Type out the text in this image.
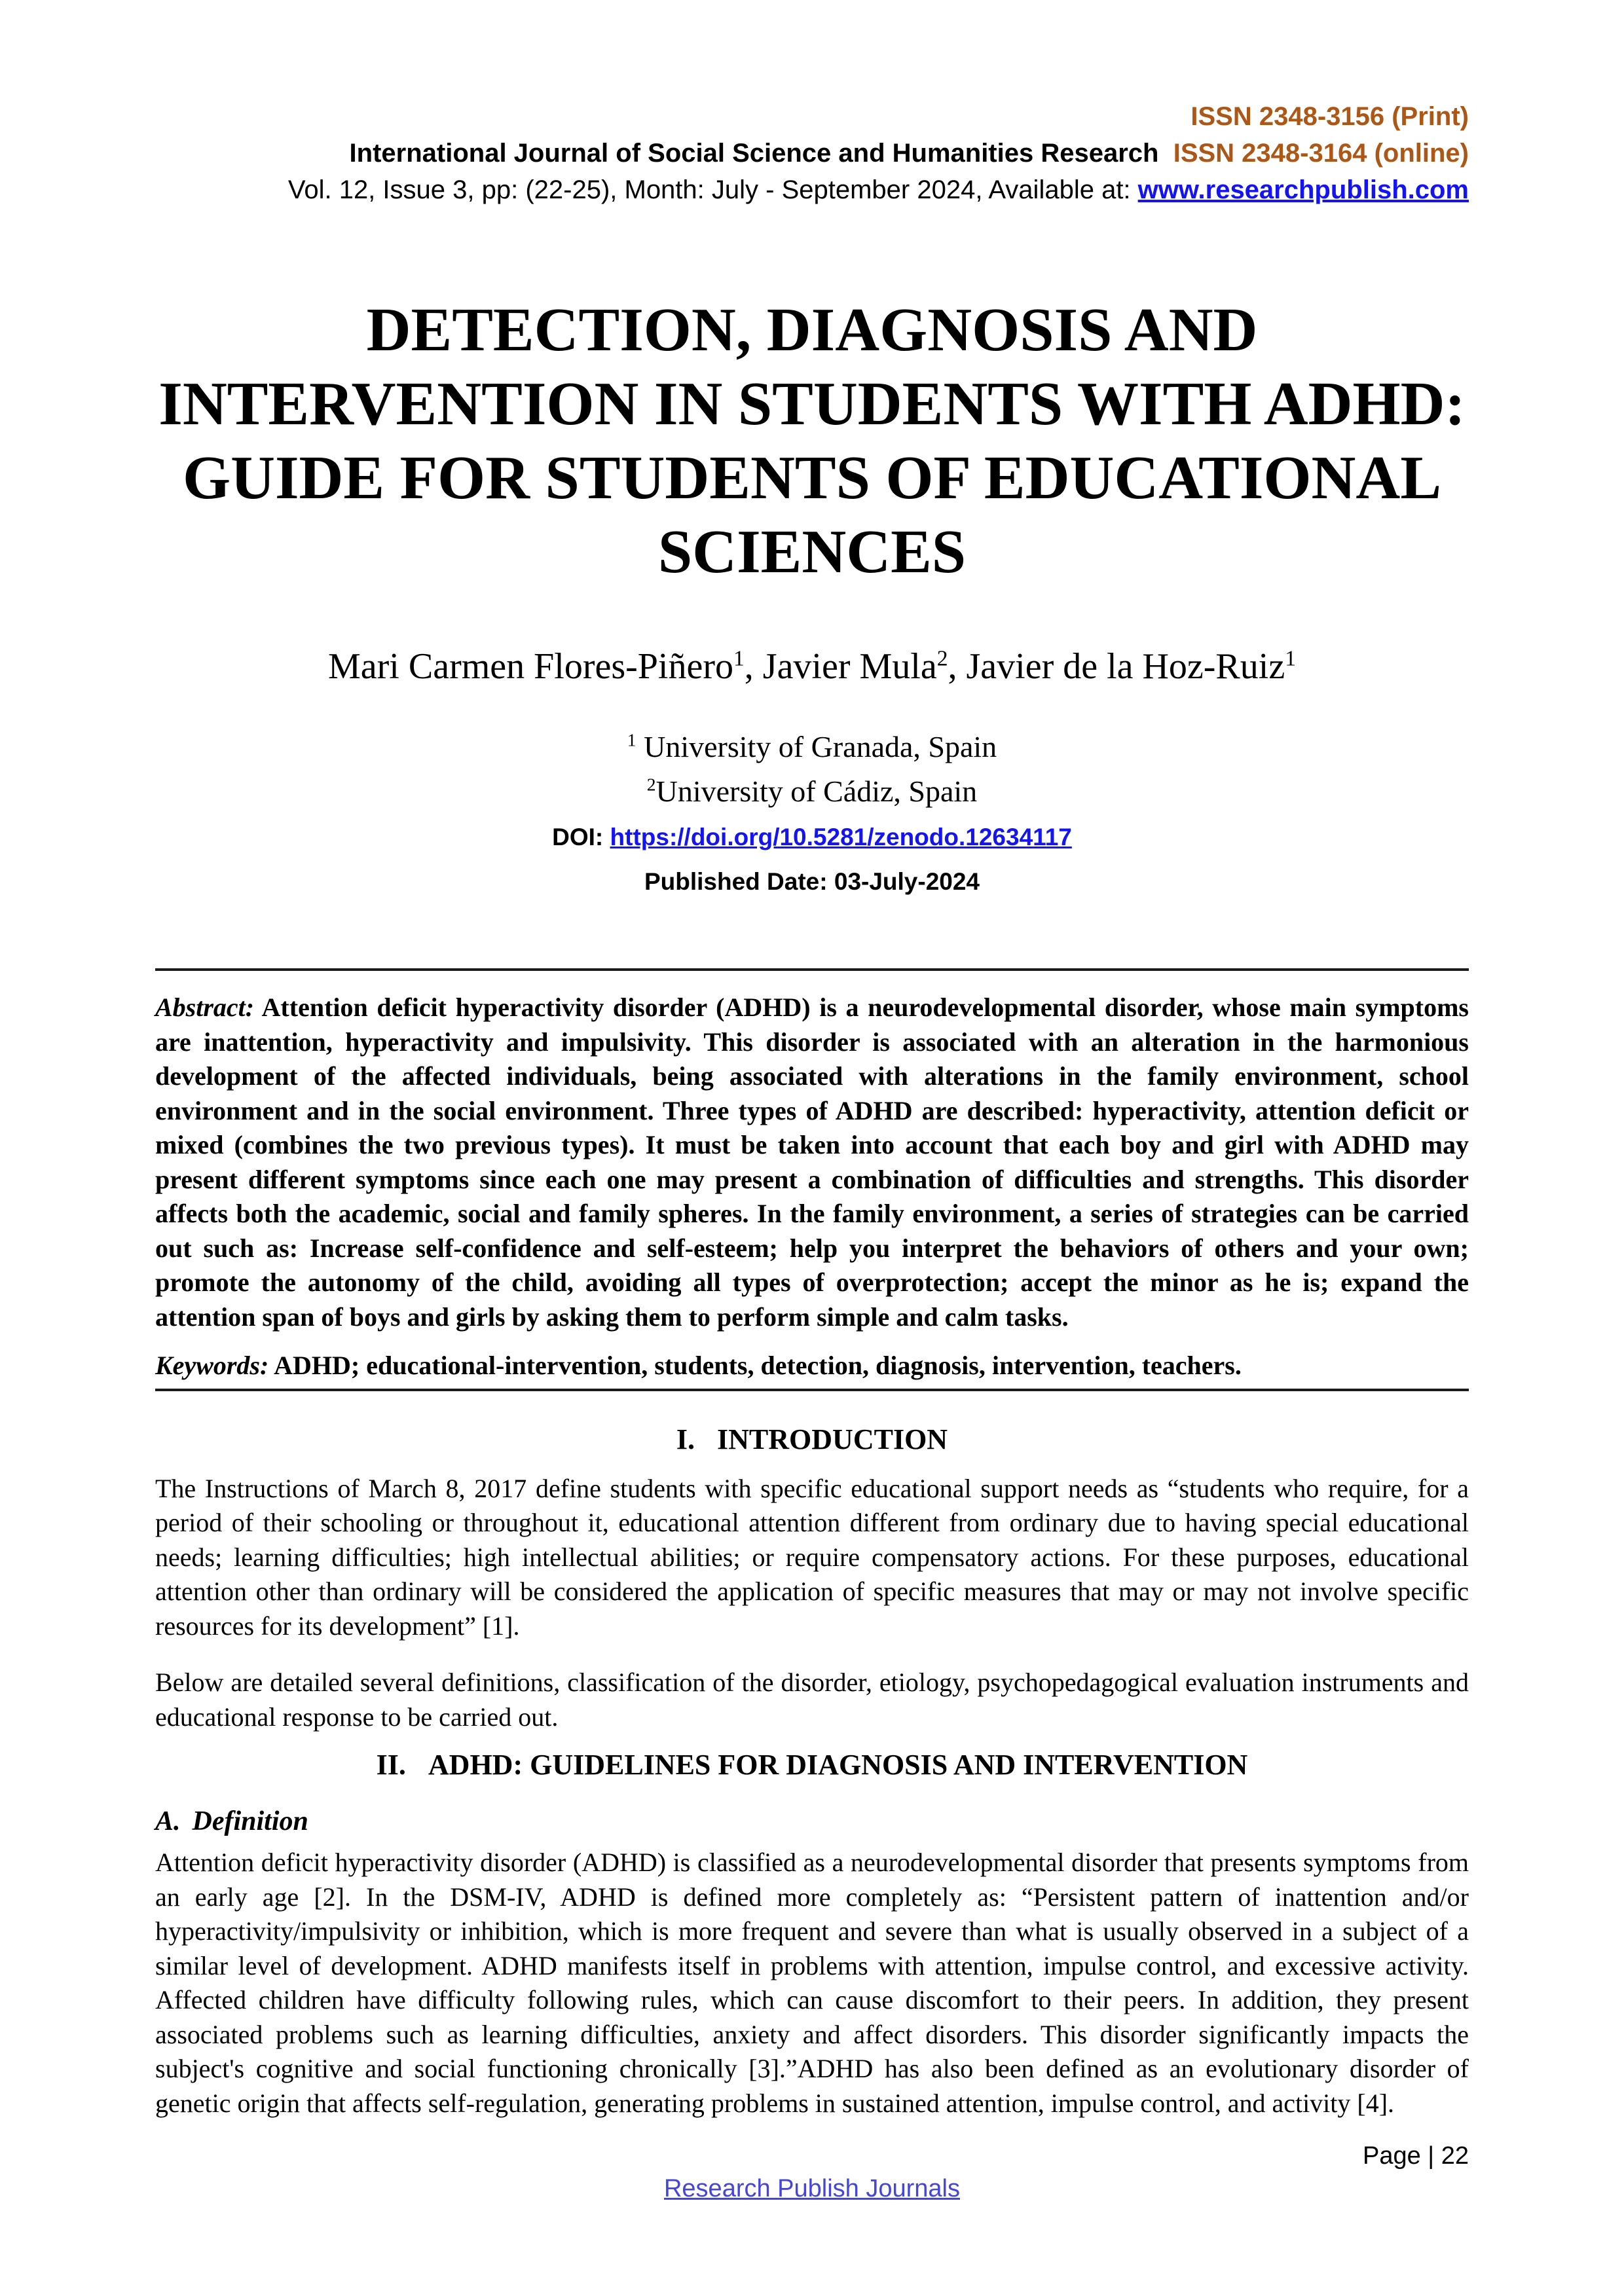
ISSN 2348-3156 (Print)
International Journal of Social Science and Humanities Research ISSN 2348-3164 (online)
Vol. 12, Issue 3, pp: (22-25), Month: July - September 2024, Available at: www.researchpublish.com
DETECTION, DIAGNOSIS AND INTERVENTION IN STUDENTS WITH ADHD: GUIDE FOR STUDENTS OF EDUCATIONAL SCIENCES
Mari Carmen Flores-Piñero$^1$, Javier Mula$^2$, Javier de la Hoz-Ruiz$^1$
$^1$ University of Granada, Spain
$^2$University of Cádiz, Spain
DOI: https://doi.org/10.5281/zenodo.12634117
Published Date: 03-July-2024

Abstract: Attention deficit hyperactivity disorder (ADHD) is a neurodevelopmental disorder, whose main symptoms are inattention, hyperactivity and impulsivity. This disorder is associated with an alteration in the harmonious development of the affected individuals, being associated with alterations in the family environment, school environment and in the social environment. Three types of ADHD are described: hyperactivity, attention deficit or mixed (combines the two previous types). It must be taken into account that each boy and girl with ADHD may present different symptoms since each one may present a combination of difficulties and strengths. This disorder affects both the academic, social and family spheres. In the family environment, a series of strategies can be carried out such as: Increase self-confidence and self-esteem; help you interpret the behaviors of others and your own; promote the autonomy of the child, avoiding all types of overprotection; accept the minor as he is; expand the attention span of boys and girls by asking them to perform simple and calm tasks.

Keywords: ADHD; educational-intervention, students, detection, diagnosis, intervention, teachers.

I. INTRODUCTION

The Instructions of March 8, 2017 define students with specific educational support needs as “students who require, for a period of their schooling or throughout it, educational attention different from ordinary due to having special educational needs; learning difficulties; high intellectual abilities; or require compensatory actions. For these purposes, educational attention other than ordinary will be considered the application of specific measures that may or may not involve specific resources for its development” [1].

Below are detailed several definitions, classification of the disorder, etiology, psychopedagogical evaluation instruments and educational response to be carried out.

II. ADHD: GUIDELINES FOR DIAGNOSIS AND INTERVENTION
A. Definition

Attention deficit hyperactivity disorder (ADHD) is classified as a neurodevelopmental disorder that presents symptoms from an early age [2]. In the DSM-IV, ADHD is defined more completely as: “Persistent pattern of inattention and/or hyperactivity/impulsivity or inhibition, which is more frequent and severe than what is usually observed in a subject of a similar level of development. ADHD manifests itself in problems with attention, impulse control, and excessive activity. Affected children have difficulty following rules, which can cause discomfort to their peers. In addition, they present associated problems such as learning difficulties, anxiety and affect disorders. This disorder significantly impacts the subject's cognitive and social functioning chronically [3].”ADHD has also been defined as an evolutionary disorder of genetic origin that affects self-regulation, generating problems in sustained attention, impulse control, and activity [4].

Page | 22
Research Publish Journals
